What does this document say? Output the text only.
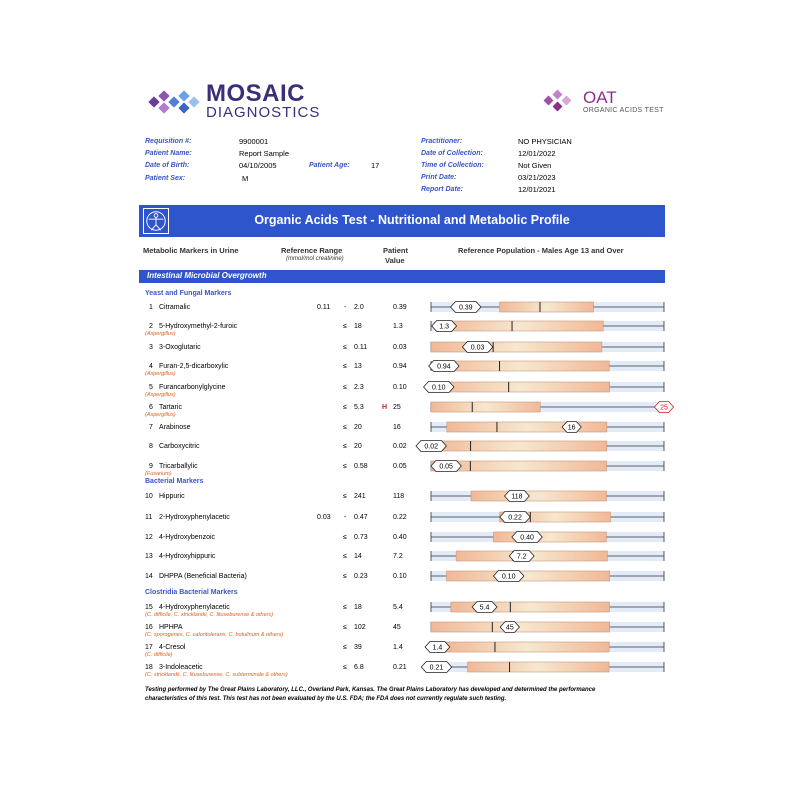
MOSAIC
DIAGNOSTICS
OAT
ORGANIC ACIDS TEST
Requisition #:	9900001
Patient Name:	Report Sample
Date of Birth:	04/10/2005	Patient Age:	17
Patient Sex:	M
Practitioner:	NO PHYSICIAN
Date of Collection:	12/01/2022
Time of Collection:	Not Given
Print Date:	03/21/2023
Report Date:	12/01/2021
Organic Acids Test - Nutritional and Metabolic Profile
Metabolic Markers in Urine	Reference Range
(mmol/mol creatinine)
Patient
Value
Reference Population - Males Age 13 and Over
Intestinal Microbial Overgrowth
Yeast and Fungal Markers
1 Citramalic	0.11 - 2.0	0.39	0.39
2 5-Hydroxymethyl-2-furoic
(Aspergillus)
≤ 18	1.3	1.3
3 3-Oxoglutaric	≤ 0.11	0.03	0.03
4 Furan-2,5-dicarboxylic
(Aspergillus)
≤ 13	0.94	0.94
5 Furancarbonylglycine
(Aspergillus)
≤ 2.3	0.10	0.10
6 Tartaric
(Aspergillus)
≤ 5.3	H 25	25
7 Arabinose	≤ 20	16	16
8 Carboxycitric	≤ 20	0.02	0.02
9 Tricarballylic
(Fusarium)
≤ 0.58	0.05	0.05
Bacterial Markers
10 Hippuric	≤ 241	118	118
11 2-Hydroxyphenylacetic	0.03 - 0.47	0.22	0.22
12 4-Hydroxybenzoic	≤ 0.73	0.40	0.40
13 4-Hydroxyhippuric	≤ 14	7.2	7.2
14 DHPPA (Beneficial Bacteria)	≤ 0.23	0.10	0.10
Clostridia Bacterial Markers
15 4-Hydroxyphenylacetic
(C. difficile, C. stricklandii, C. lituseburense & others)
≤ 18	5.4	5.4
16 HPHPA
(C. sporogenes, C. caloritolerans, C. botulinum & others)
≤ 102	45	45
17 4-Cresol
(C. difficile)
≤ 39	1.4	1.4
18 3-Indoleacetic
(C. stricklandii, C. lituseburense, C. subterminale & others)
≤ 6.8	0.21	0.21
Testing performed by The Great Plains Laboratory, LLC., Overland Park, Kansas. The Great Plains Laboratory has developed and determined the performance characteristics of this test. This test has not been evaluated by the U.S. FDA; the FDA does not currently regulate such testing.
